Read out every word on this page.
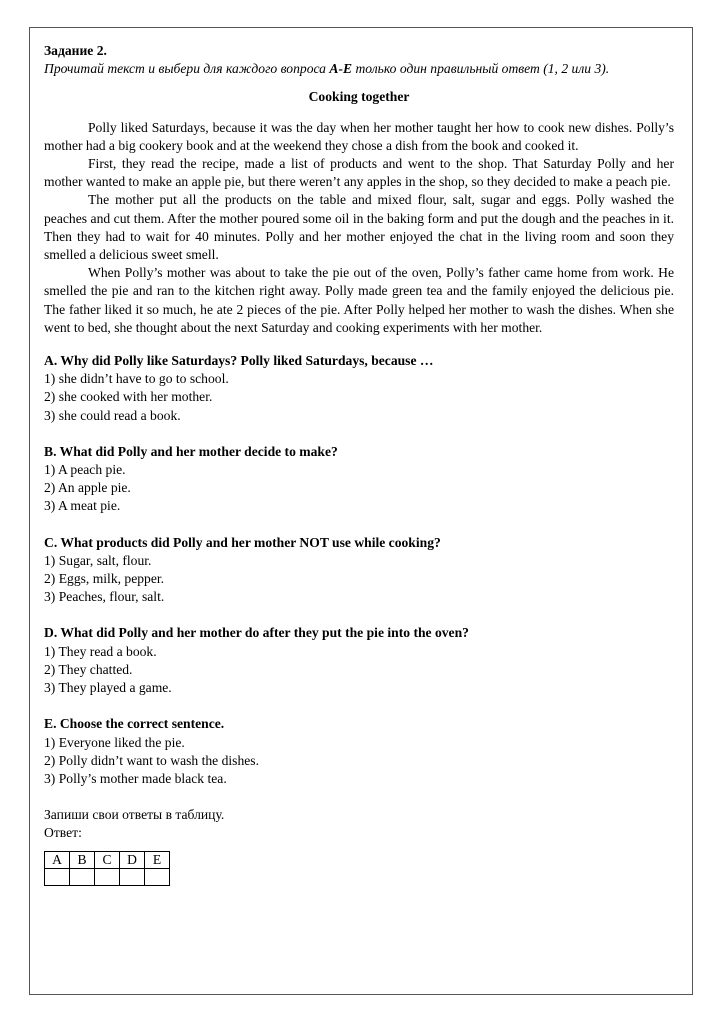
Задание 2.

Прочитай текст и выбери для каждого вопроса A-E только один правильный ответ (1, 2 или 3).

Cooking together

Polly liked Saturdays, because it was the day when her mother taught her how to cook new dishes. Polly’s mother had a big cookery book and at the weekend they chose a dish from the book and cooked it.

First, they read the recipe, made a list of products and went to the shop. That Saturday Polly and her mother wanted to make an apple pie, but there weren’t any apples in the shop, so they decided to make a peach pie.

The mother put all the products on the table and mixed flour, salt, sugar and eggs. Polly washed the peaches and cut them. After the mother poured some oil in the baking form and put the dough and the peaches in it. Then they had to wait for 40 minutes. Polly and her mother enjoyed the chat in the living room and soon they smelled a delicious sweet smell.

When Polly’s mother was about to take the pie out of the oven, Polly’s father came home from work. He smelled the pie and ran to the kitchen right away. Polly made green tea and the family enjoyed the delicious pie. The father liked it so much, he ate 2 pieces of the pie. After Polly helped her mother to wash the dishes. When she went to bed, she thought about the next Saturday and cooking experiments with her mother.

A. Why did Polly like Saturdays? Polly liked Saturdays, because …

1) she didn’t have to go to school.

2) she cooked with her mother.

3) she could read a book.

B. What did Polly and her mother decide to make?

1) A peach pie.

2) An apple pie.

3) A meat pie.

C. What products did Polly and her mother NOT use while cooking?

1) Sugar, salt, flour.

2) Eggs, milk, pepper.

3) Peaches, flour, salt.

D. What did Polly and her mother do after they put the pie into the oven?

1) They read a book.

2) They chatted.

3) They played a game.

E. Choose the correct sentence.

1) Everyone liked the pie.

2) Polly didn’t want to wash the dishes.

3) Polly’s mother made black tea.

Запиши свои ответы в таблицу.

Ответ:

A	B	C	D	E
